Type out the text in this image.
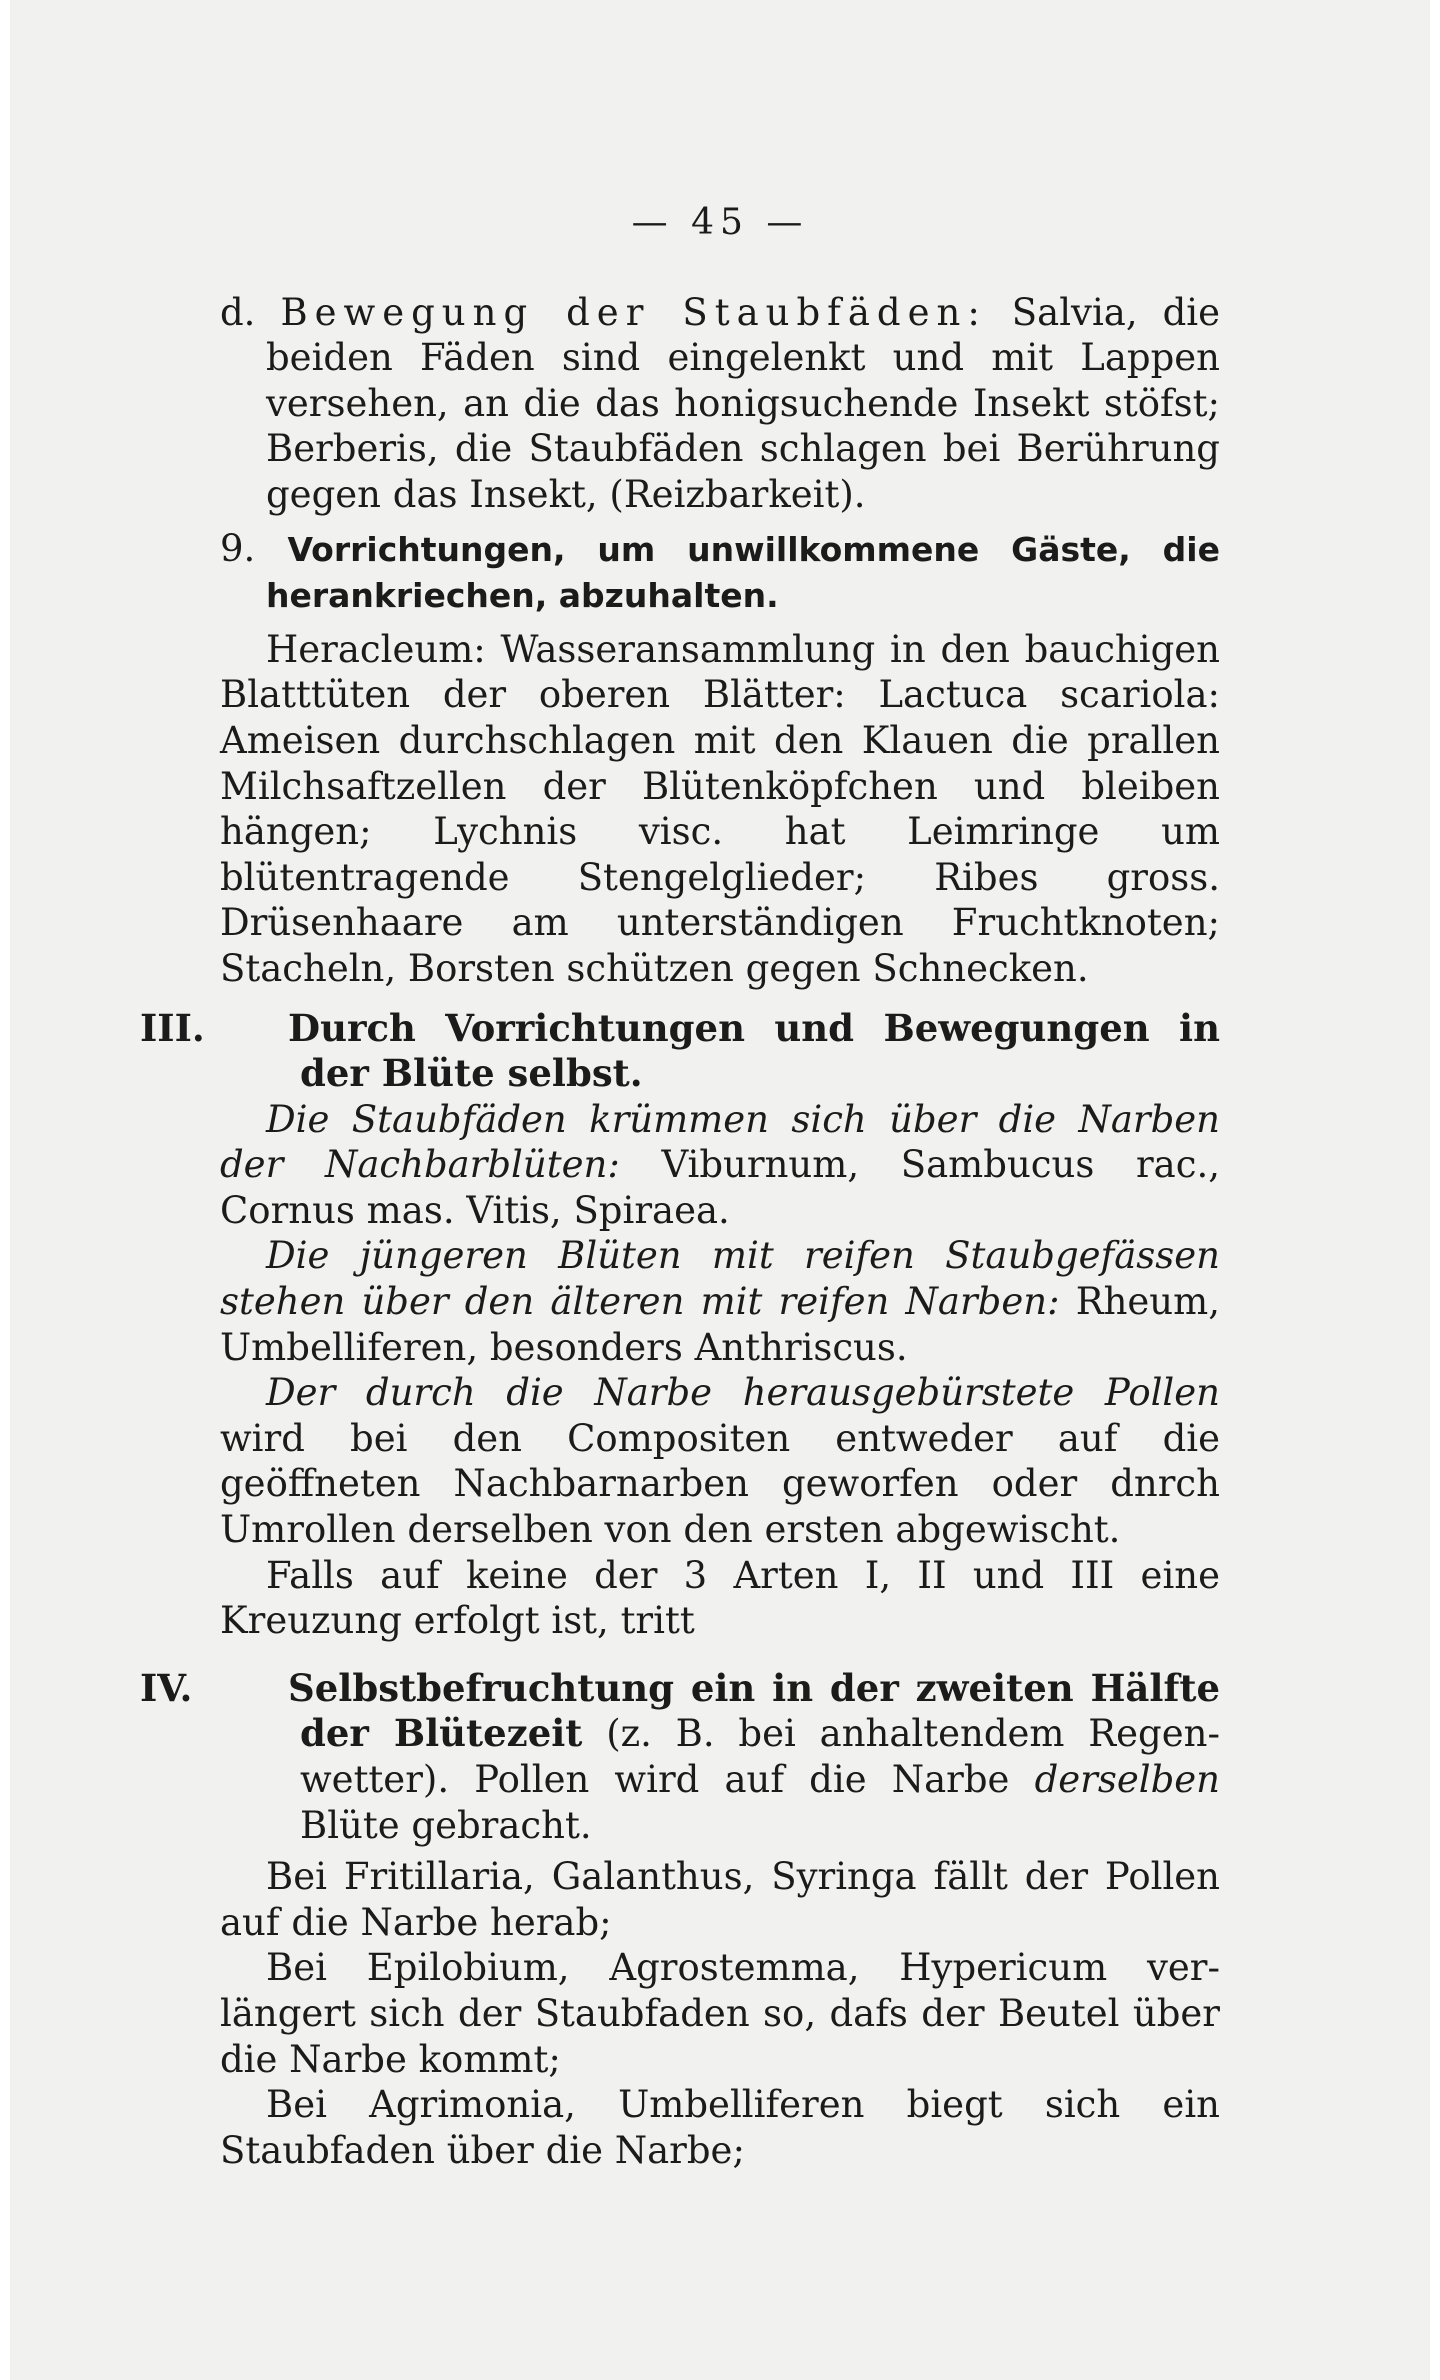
— 45 —

d. Bewegung der Staubfäden: Salvia, die beiden Fäden sind eingelenkt und mit Lappen versehen, an die das honigsuchende Insekt stöfst; Berberis, die Staubfäden schlagen bei Berührung gegen das Insekt, (Reizbarkeit).

9. Vorrichtungen, um unwillkommene Gäste, die herankriechen, abzuhalten.

Heracleum: Wasseransammlung in den bauchigen Blatttüten der oberen Blätter: Lactuca scariola: Ameisen durchschlagen mit den Klauen die prallen Milchsaftzellen der Blütenköpfchen und bleiben hängen; Lychnis visc. hat Leimringe um blütentragende Stengelglieder; Ribes gross. Drüsenhaare am unterständigen Fruchtknoten; Stacheln, Borsten schützen gegen Schnecken.

III. Durch Vorrichtungen und Bewegungen in der Blüte selbst.

Die Staubfäden krümmen sich über die Narben der Nachbarblüten: Viburnum, Sambucus rac., Cornus mas. Vitis, Spiraea.

Die jüngeren Blüten mit reifen Staubgefässen stehen über den älteren mit reifen Narben: Rheum, Umbelliferen, besonders Anthriscus.

Der durch die Narbe herausgebürstete Pollen wird bei den Compositen entweder auf die geöffneten Nachbarnarben geworfen oder dnrch Umrollen derselben von den ersten abgewischt.

Falls auf keine der 3 Arten I, II und III eine Kreuzung erfolgt ist, tritt

IV.	Selbstbefruchtung ein in der zweiten Hälfte der Blütezeit (z. B. bei anhaltendem Regenwetter). Pollen wird auf die Narbe derselben Blüte gebracht.

Bei Fritillaria, Galanthus, Syringa fällt der Pollen auf die Narbe herab;

Bei Epilobium, Agrostemma, Hypericum verlängert sich der Staubfaden so, dafs der Beutel über die Narbe kommt;

Bei Agrimonia, Umbelliferen biegt sich ein Staubfaden über die Narbe;
